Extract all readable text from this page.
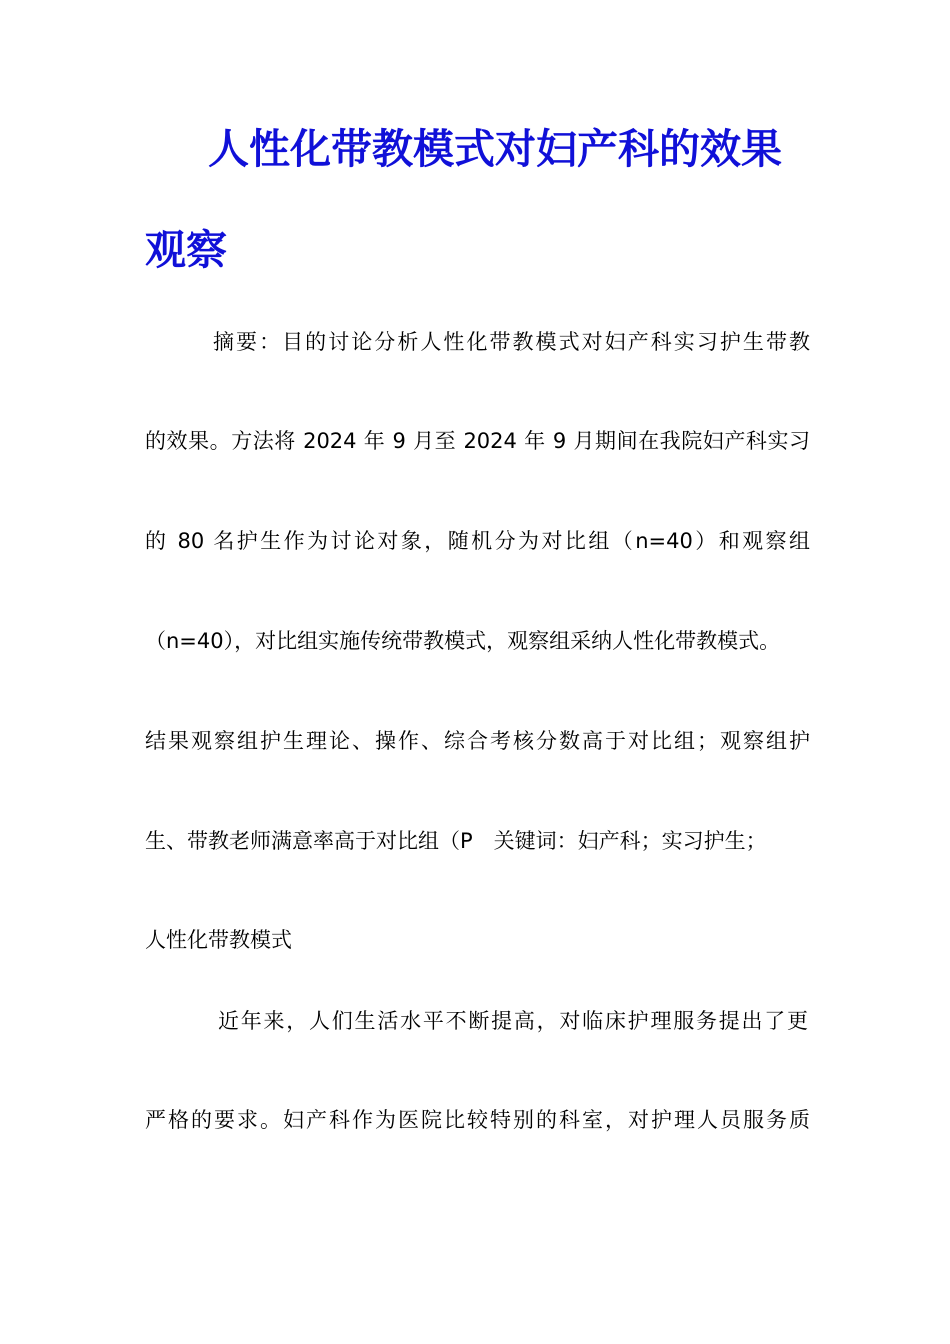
人性化带教模式对妇产科的效果
观察

摘要：目的讨论分析人性化带教模式对妇产科实习护生带教

的效果。方法将 2024 年 9 月至 2024 年 9 月期间在我院妇产科实习

的 80 名护生作为讨论对象，随机分为对比组（n=40）和观察组

（n=40），对比组实施传统带教模式，观察组采纳人性化带教模式。

结果观察组护生理论、操作、综合考核分数高于对比组；观察组护

生、带教老师满意率高于对比组（P　关键词：妇产科；实习护生；

人性化带教模式

近年来，人们生活水平不断提高，对临床护理服务提出了更

严格的要求。妇产科作为医院比较特别的科室，对护理人员服务质
